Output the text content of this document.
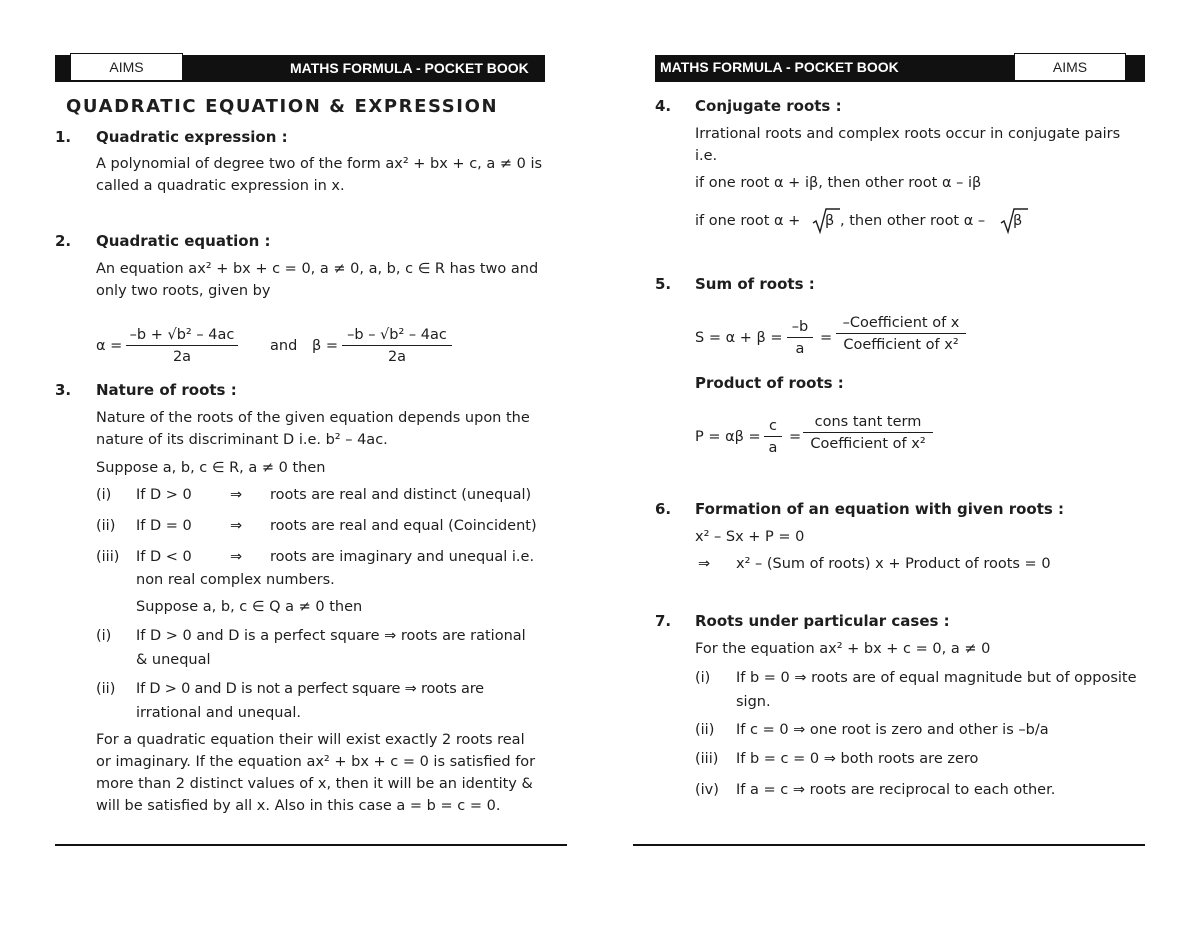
AIMS	MATHS FORMULA - POCKET BOOK
QUADRATIC EQUATION & EXPRESSION
1. Quadratic expression :
A polynomial of degree two of the form ax² + bx + c, a ≠ 0 is
called a quadratic expression in x.
2. Quadratic equation :
An equation ax² + bx + c = 0, a ≠ 0, a, b, c ∈ R has two and
only two roots, given by
$\alpha = \frac{\text{–b + √b² – 4ac}}{2a}$ and $\beta = \frac{\text{–b – √b² – 4ac}}{2a}$
3. Nature of roots :
Nature of the roots of the given equation depends upon the
nature of its discriminant D i.e. b² – 4ac.
Suppose a, b, c ∈ R, a ≠ 0 then
(i) If D > 0	⇒ roots are real and distinct (unequal)
(ii) If D = 0	⇒ roots are real and equal (Coincident)
(iii) If D < 0	⇒ roots are imaginary and unequal i.e.
non real complex numbers.
Suppose a, b, c ∈ Q a ≠ 0 then
(i) If D > 0 and D is a perfect square ⇒ roots are rational
& unequal
(ii) If D > 0 and D is not a perfect square ⇒ roots are
irrational and unequal.
For a quadratic equation their will exist exactly 2 roots real
or imaginary. If the equation ax² + bx + c = 0 is satisfied for
more than 2 distinct values of x, then it will be an identity &
will be satisfied by all x. Also in this case a = b = c = 0.
MATHS FORMULA - POCKET BOOK	AIMS
4. Conjugate roots :
Irrational roots and complex roots occur in conjugate pairs
i.e.
if one root α + iβ, then other root α – iβ
if one root α + β , then other root α – β
5. Sum of roots :
$S = \alpha + \beta = \frac{-b}{a}$ =
–Coefficient of x
Coefficient of x²
Product of roots :
$P = \alpha\beta = \frac{c}{a}$ =
cons tant term
Coefficient of x²
6. Formation of an equation with given roots :
x² – Sx + P = 0
⇒ x² – (Sum of roots) x + Product of roots = 0
7. Roots under particular cases :
For the equation ax² + bx + c = 0, a ≠ 0
(i) If b = 0 ⇒ roots are of equal magnitude but of opposite
sign.
(ii) If c = 0 ⇒ one root is zero and other is –b/a
(iii) If b = c = 0 ⇒ both roots are zero
(iv) If a = c ⇒ roots are reciprocal to each other.
